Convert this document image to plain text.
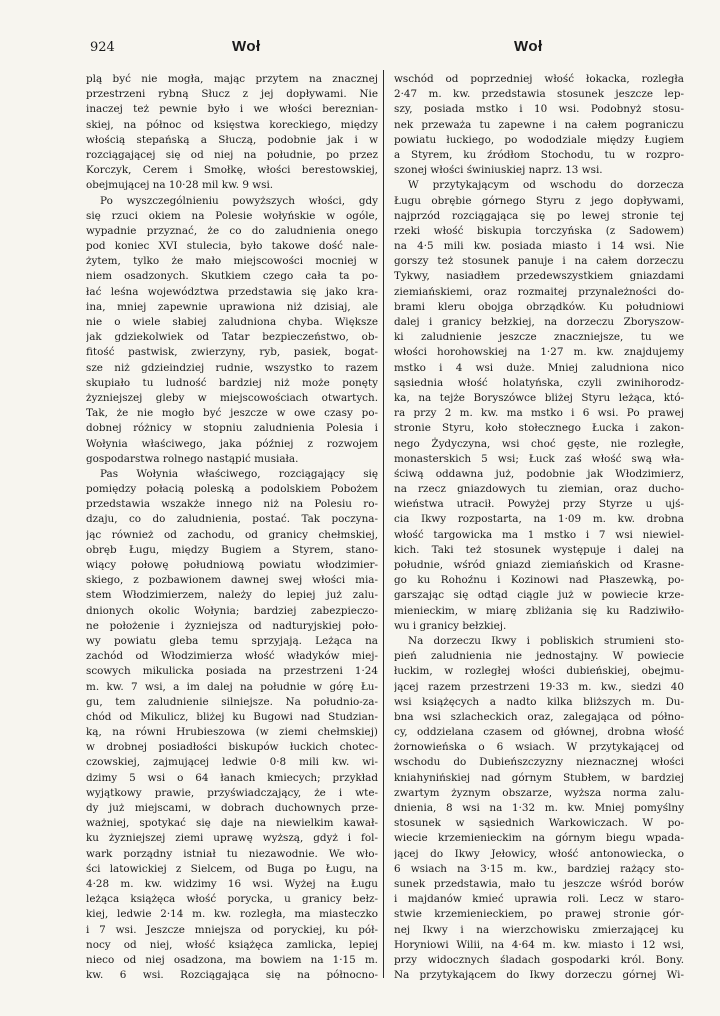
924	Woł	Woł
plą być nie mogła, mając przytem na znacznej
przestrzeni rybną Słucz z jej dopływami. Nie
inaczej też pewnie było i we włości bereznian-
skiej, na północ od księstwa koreckiego, między
włością stepańską a Słuczą, podobnie jak i w
rozciągającej się od niej na południe, po przez
Korczyk, Cerem i Smołkę, włości berestowskiej,
obejmującej na 10·28 mil kw. 9 wsi.
Po wyszczególnieniu powyższych włości, gdy
się rzuci okiem na Polesie wołyńskie w ogóle,
wypadnie przyznać, że co do zaludnienia onego
pod koniec XVI stulecia, było takowe dość nale-
żytem, tylko że mało miejscowości mocniej w
niem osadzonych. Skutkiem czego cała ta po-
łać leśna województwa przedstawia się jako kra-
ina, mniej zapewnie uprawiona niż dzisiaj, ale
nie o wiele słabiej zaludniona chyba. Większe
jak gdziekolwiek od Tatar bezpieczeństwo, ob-
fitość pastwisk, zwierzyny, ryb, pasiek, bogat-
sze niż gdzieindziej rudnie, wszystko to razem
skupiało tu ludność bardziej niż może ponęty
żyzniejszej gleby w miejscowościach otwartych.
Tak, że nie mogło być jeszcze w owe czasy po-
dobnej różnicy w stopniu zaludnienia Polesia i
Wołynia właściwego, jaka później z rozwojem
gospodarstwa rolnego nastąpić musiała.
Pas Wołynia właściwego, rozciągający się
pomiędzy połacią poleską a podolskiem Pobożem
przedstawia wszakże innego niż na Polesiu ro-
dzaju, co do zaludnienia, postać. Tak poczyna-
jąc również od zachodu, od granicy chełmskiej,
obręb Ługu, między Bugiem a Styrem, stano-
wiący połowę południową powiatu włodzimier-
skiego, z pozbawionem dawnej swej włości mia-
stem Włodzimierzem, należy do lepiej już zalu-
dnionych okolic Wołynia; bardziej zabezpieczo-
ne położenie i żyzniejsza od nadturyjskiej poło-
wy powiatu gleba temu sprzyjają. Leżąca na
zachód od Włodzimierza włość władyków miej-
scowych mikulicka posiada na przestrzeni 1·24
m. kw. 7 wsi, a im dalej na południe w górę Łu-
gu, tem zaludnienie silniejsze. Na południo-za-
chód od Mikulicz, bliżej ku Bugowi nad Studzian-
ką, na równi Hrubieszowa (w ziemi chełmskiej)
w drobnej posiadłości biskupów łuckich chotec-
czowskiej, zajmującej ledwie 0·8 mili kw. wi-
dzimy 5 wsi o 64 łanach kmiecych; przykład
wyjątkowy prawie, przyświadczający, że i wte-
dy już miejscami, w dobrach duchownych prze-
ważniej, spotykać się daje na niewielkim kawał-
ku żyzniejszej ziemi uprawę wyższą, gdyż i fol-
wark porządny istniał tu niezawodnie. We wło-
ści latowickiej z Sielcem, od Buga po Ługu, na
4·28 m. kw. widzimy 16 wsi. Wyżej na Ługu
leżąca książęca włość porycka, u granicy bełz-
kiej, ledwie 2·14 m. kw. rozległa, ma miasteczko
i 7 wsi. Jeszcze mniejsza od poryckiej, ku pół-
nocy od niej, włość książęca zamlicka, lepiej
nieco od niej osadzona, ma bowiem na 1·15 m.
kw. 6 wsi. Rozciągająca się na północno-
wschód od poprzedniej włość łokacka, rozległa
2·47 m. kw. przedstawia stosunek jeszcze lep-
szy, posiada mstko i 10 wsi. Podobnyż stosu-
nek przeważa tu zapewne i na całem pograniczu
powiatu łuckiego, po wododziale między Ługiem
a Styrem, ku źródłom Stochodu, tu w rozpro-
szonej włości świniuskiej naprz. 13 wsi.
W przytykającym od wschodu do dorzecza
Ługu obrębie górnego Styru z jego dopływami,
najprzód rozciągająca się po lewej stronie tej
rzeki włość biskupia torczyńska (z Sadowem)
na 4·5 mili kw. posiada miasto i 14 wsi. Nie
gorszy też stosunek panuje i na całem dorzeczu
Tykwy, nasiadłem przedewszystkiem gniazdami
ziemiańskiemi, oraz rozmaitej przynależności do-
brami kleru obojga obrządków. Ku południowi
dalej i granicy bełzkiej, na dorzeczu Zboryszow-
ki zaludnienie jeszcze znaczniejsze, tu we
włości horohowskiej na 1·27 m. kw. znajdujemy
mstko i 4 wsi duże. Mniej zaludniona nico
sąsiednia włość holatyńska, czyli zwinihorodz-
ka, na tejże Boryszówce bliżej Styru leżąca, któ-
ra przy 2 m. kw. ma mstko i 6 wsi. Po prawej
stronie Styru, koło stołecznego Łucka i zakon-
nego Żydyczyna, wsi choć gęste, nie rozległe,
monasterskich 5 wsi; Łuck zaś włość swą wła-
ściwą oddawna już, podobnie jak Włodzimierz,
na rzecz gniazdowych tu ziemian, oraz ducho-
wieństwa utracił. Powyżej przy Styrze u ujś-
cia Ikwy rozpostarta, na 1·09 m. kw. drobna
włość targowicka ma 1 mstko i 7 wsi niewiel-
kich. Taki też stosunek występuje i dalej na
południe, wśród gniazd ziemiańskich od Krasne-
go ku Rohoźnu i Kozinowi nad Płaszewką, po-
garszając się odtąd ciągle już w powiecie krze-
mienieckim, w miarę zbliżania się ku Radziwiło-
wu i granicy bełzkiej.
Na dorzeczu Ikwy i pobliskich strumieni sto-
pień zaludnienia nie jednostajny. W powiecie
łuckim, w rozległej włości dubieńskiej, obejmu-
jącej razem przestrzeni 19·33 m. kw., siedzi 40
wsi książęcych a nadto kilka bliższych m. Du-
bna wsi szlacheckich oraz, zalegająca od półno-
cy, oddzielana czasem od głównej, drobna włość
żornowieńska o 6 wsiach. W przytykającej od
wschodu do Dubieńszczyzny nieznacznej włości
kniahynińskiej nad górnym Stubłem, w bardziej
zwartym żyznym obszarze, wyższa norma zalu-
dnienia, 8 wsi na 1·32 m. kw. Mniej pomyślny
stosunek w sąsiednich Warkowiczach. W po-
wiecie krzemienieckim na górnym biegu wpada-
jącej do Ikwy Jełowicy, włość antonowiecka, o
6 wsiach na 3·15 m. kw., bardziej rażący sto-
sunek przedstawia, mało tu jeszcze wśród borów
i majdanów kmieć uprawia roli. Lecz w staro-
stwie krzemienieckiem, po prawej stronie gór-
nej Ikwy i na wierzchowisku zmierzającej ku
Horyniowi Wilii, na 4·64 m. kw. miasto i 12 wsi,
przy widocznych śladach gospodarki król. Bony.
Na przytykającem do Ikwy dorzeczu górnej Wi-
